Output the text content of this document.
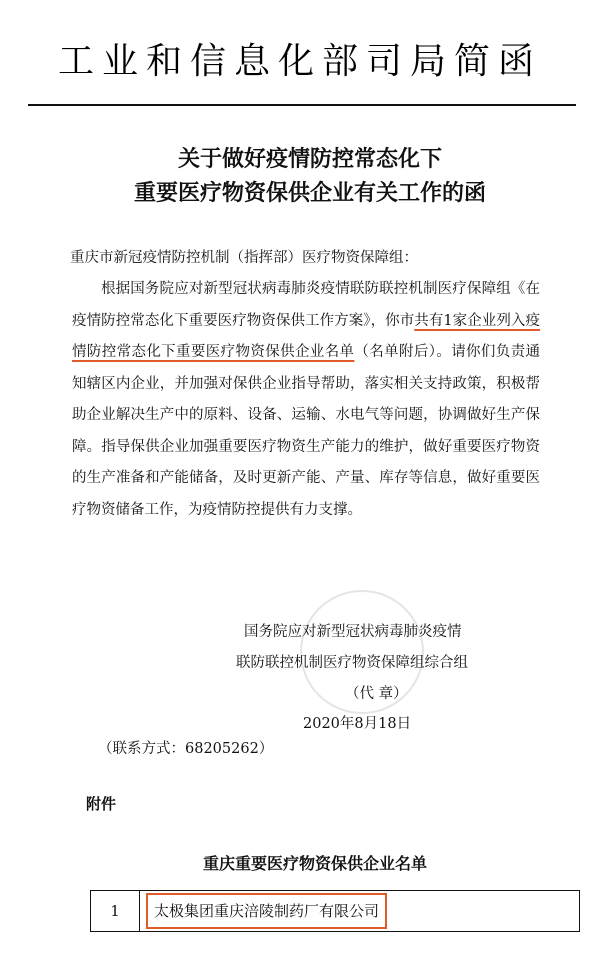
工业和信息化部司局简函
关于做好疫情防控常态化下
重要医疗物资保供企业有关工作的函
重庆市新冠疫情防控机制（指挥部）医疗物资保障组：
根据国务院应对新型冠状病毒肺炎疫情联防联控机制医疗保障组《在疫情防控常态化下重要医疗物资保供工作方案》，你市共有1家企业列入疫情防控常态化下重要医疗物资保供企业名单（名单附后）。请你们负责通知辖区内企业，并加强对保供企业指导帮助，落实相关支持政策，积极帮助企业解决生产中的原料、设备、运输、水电气等问题，协调做好生产保障。指导保供企业加强重要医疗物资生产能力的维护，做好重要医疗物资的生产准备和产能储备，及时更新产能、产量、库存等信息，做好重要医疗物资储备工作，为疫情防控提供有力支撑。
国务院应对新型冠状病毒肺炎疫情
联防联控机制医疗物资保障组综合组
（代 章）
2020年8月18日
（联系方式：68205262）
附件
重庆重要医疗物资保供企业名单
1	太极集团重庆涪陵制药厂有限公司
